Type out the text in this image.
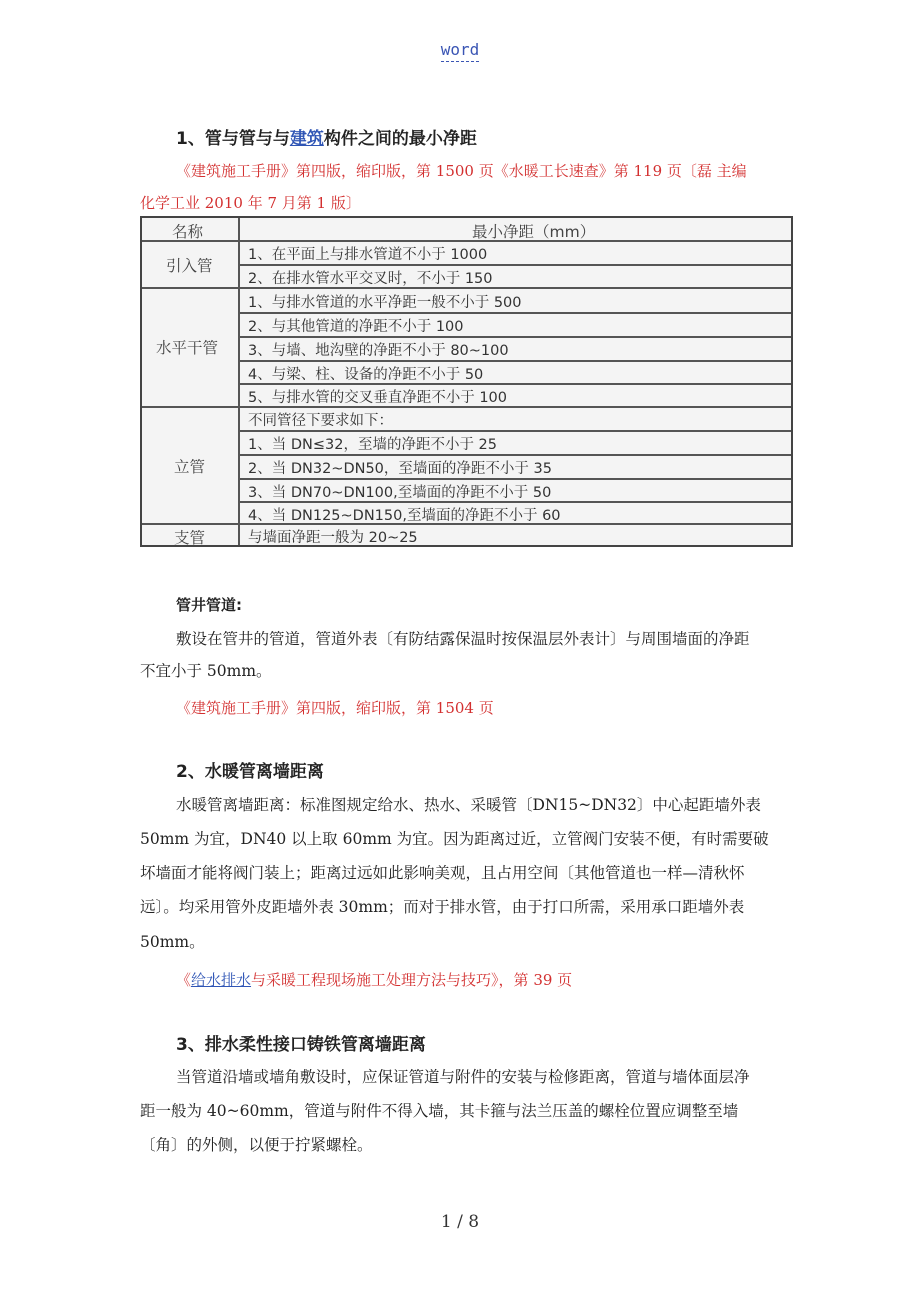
word
1、管与管与与建筑构件之间的最小净距
《建筑施工手册》第四版，缩印版，第 1500 页《水暖工长速查》第 119 页〔磊 主编
化学工业 2010 年 7 月第 1 版〕
名称	最小净距（mm）
引入管
水平干管
立管
支管
1、在平面上与排水管道不小于 1000
2、在排水管水平交叉时，不小于 150
1、与排水管道的水平净距一般不小于 500
2、与其他管道的净距不小于 100
3、与墙、地沟壁的净距不小于 80~100
4、与梁、柱、设备的净距不小于 50
5、与排水管的交叉垂直净距不小于 100
不同管径下要求如下：
1、当 DN≤32，至墙的净距不小于 25
2、当 DN32~DN50，至墙面的净距不小于 35
3、当 DN70~DN100,至墙面的净距不小于 50
4、当 DN125~DN150,至墙面的净距不小于 60
与墙面净距一般为 20~25
管井管道:
敷设在管井的管道，管道外表〔有防结露保温时按保温层外表计〕与周围墙面的净距
不宜小于 50mm。
《建筑施工手册》第四版，缩印版，第 1504 页
2、水暖管离墙距离
水暖管离墙距离：标准图规定给水、热水、采暖管〔DN15~DN32〕中心起距墙外表
50mm 为宜，DN40 以上取 60mm 为宜。因为距离过近，立管阀门安装不便，有时需要破
坏墙面才能将阀门装上；距离过远如此影响美观，且占用空间〔其他管道也一样—清秋怀
远〕。均采用管外皮距墙外表 30mm；而对于排水管，由于打口所需，采用承口距墙外表
50mm。
《给水排水与采暖工程现场施工处理方法与技巧》，第 39 页
3、排水柔性接口铸铁管离墙距离
当管道沿墙或墙角敷设时，应保证管道与附件的安装与检修距离，管道与墙体面层净
距一般为 40~60mm，管道与附件不得入墙，其卡箍与法兰压盖的螺栓位置应调整至墙
〔角〕的外侧，以便于拧紧螺栓。
1 / 8
